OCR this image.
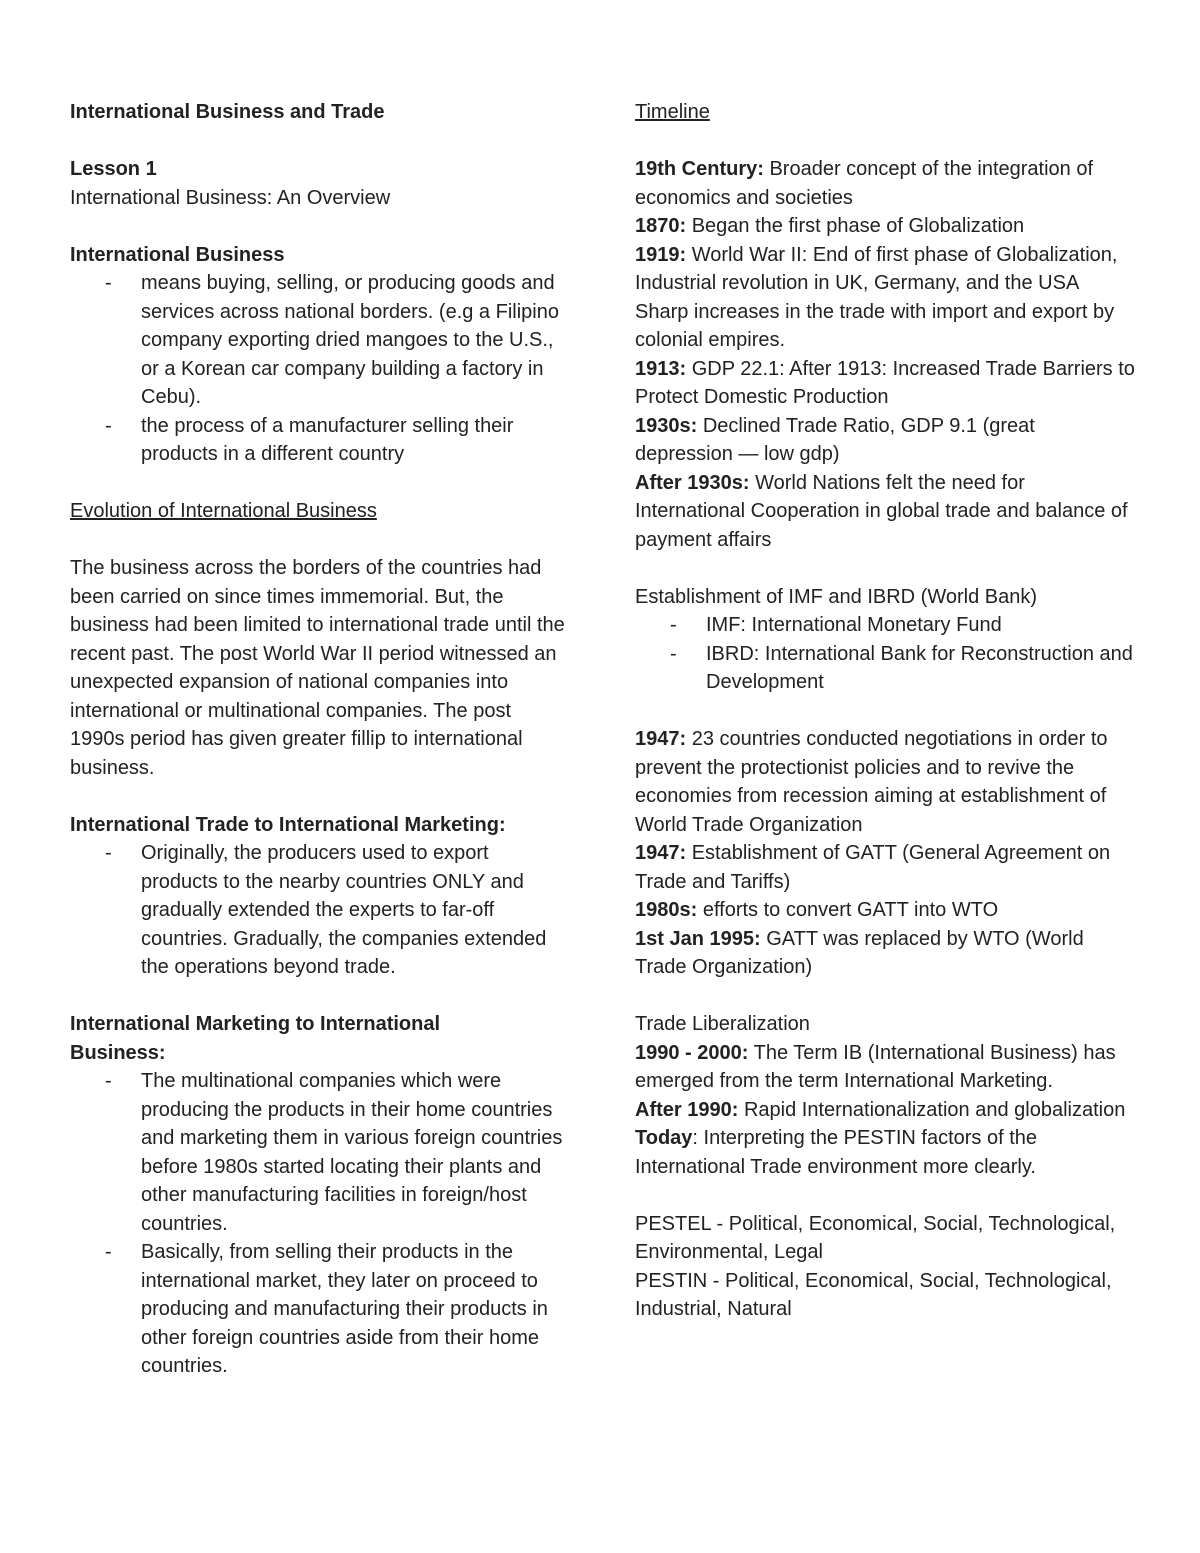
International Business and Trade

Lesson 1

International Business: An Overview

International Business

- means buying, selling, or producing goods and services across national borders. (e.g a Filipino company exporting dried mangoes to the U.S., or a Korean car company building a factory in Cebu).
- the process of a manufacturer selling their products in a different country

Evolution of International Business

The business across the borders of the countries had been carried on since times immemorial. But, the business had been limited to international trade until the recent past. The post World War II period witnessed an unexpected expansion of national companies into international or multinational companies. The post 1990s period has given greater fillip to international business.

International Trade to International Marketing:

- Originally, the producers used to export products to the nearby countries ONLY and gradually extended the experts to far-off countries. Gradually, the companies extended the operations beyond trade.

International Marketing to International Business:

- The multinational companies which were producing the products in their home countries and marketing them in various foreign countries before 1980s started locating their plants and other manufacturing facilities in foreign/host countries.
- Basically, from selling their products in the international market, they later on proceed to producing and manufacturing their products in other foreign countries aside from their home countries.

Timeline

19th Century: Broader concept of the integration of economics and societies

1870: Began the first phase of Globalization

1919: World War II: End of first phase of Globalization, Industrial revolution in UK, Germany, and the USA Sharp increases in the trade with import and export by colonial empires.

1913: GDP 22.1: After 1913: Increased Trade Barriers to Protect Domestic Production

1930s: Declined Trade Ratio, GDP 9.1 (great depression — low gdp)

After 1930s: World Nations felt the need for International Cooperation in global trade and balance of payment affairs

Establishment of IMF and IBRD (World Bank)

- IMF: International Monetary Fund
- IBRD: International Bank for Reconstruction and Development

1947: 23 countries conducted negotiations in order to prevent the protectionist policies and to revive the economies from recession aiming at establishment of World Trade Organization

1947: Establishment of GATT (General Agreement on Trade and Tariffs)

1980s: efforts to convert GATT into WTO

1st Jan 1995: GATT was replaced by WTO (World Trade Organization)

Trade Liberalization

1990 - 2000: The Term IB (International Business) has emerged from the term International Marketing.

After 1990: Rapid Internationalization and globalization

Today: Interpreting the PESTIN factors of the International Trade environment more clearly.

PESTEL - Political, Economical, Social, Technological, Environmental, Legal

PESTIN - Political, Economical, Social, Technological, Industrial, Natural
